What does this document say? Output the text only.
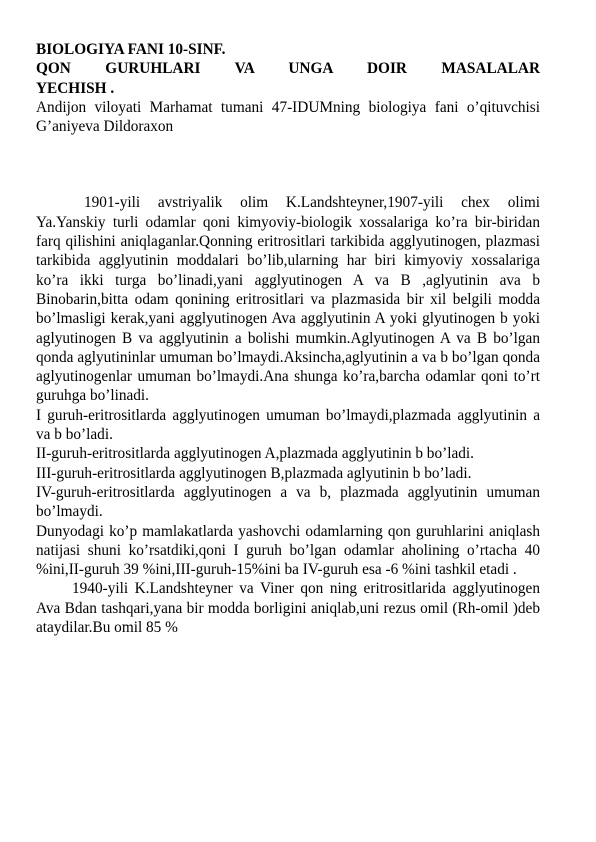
BIOLOGIYA FANI 10-SINF.
QON GURUHLARI VA UNGA DOIR MASALALAR
YECHISH .

Andijon viloyati Marhamat tumani 47-IDUMning biologiya fani o’qituvchisi G’aniyeva Dildoraxon

1901-yili avstriyalik olim K.Landshteyner,1907-yili chex olimi Ya.Yanskiy turli odamlar qoni kimyoviy-biologik xossalariga ko’ra bir-biridan farq qilishini aniqlaganlar.Qonning eritrositlari tarkibida agglyutinogen, plazmasi tarkibida agglyutinin moddalari bo’lib,ularning har biri kimyoviy xossalariga ko’ra ikki turga bo’linadi,yani agglyutinogen A va B ,aglyutinin ava b Binobarin,bitta odam qonining eritrositlari va plazmasida bir xil belgili modda bo’lmasligi kerak,yani agglyutinogen Ava agglyutinin A yoki glyutinogen b yoki aglyutinogen B va agglyutinin a bolishi mumkin.Aglyutinogen A va B bo’lgan qonda aglyutininlar umuman bo’lmaydi.Aksincha,aglyutinin a va b bo’lgan qonda aglyutinogenlar umuman bo’lmaydi.Ana shunga ko’ra,barcha odamlar qoni to’rt guruhga bo’linadi.

I guruh-eritrositlarda agglyutinogen umuman bo’lmaydi,plazmada agglyutinin a va b bo’ladi.

II-guruh-eritrositlarda agglyutinogen A,plazmada agglyutinin b bo’ladi.

III-guruh-eritrositlarda agglyutinogen B,plazmada aglyutinin b bo’ladi.

IV-guruh-eritrositlarda agglyutinogen a va b, plazmada agglyutinin umuman bo’lmaydi.

Dunyodagi ko’p mamlakatlarda yashovchi odamlarning qon guruhlarini aniqlash natijasi shuni ko’rsatdiki,qoni I guruh bo’lgan odamlar aholining o’rtacha 40 %ini,II-guruh 39 %ini,III-guruh-15%ini ba IV-guruh esa -6 %ini tashkil etadi .

1940-yili K.Landshteyner va Viner qon ning eritrositlarida agglyutinogen Ava Bdan tashqari,yana bir modda borligini aniqlab,uni rezus omil (Rh-omil )deb ataydilar.Bu omil 85 %
